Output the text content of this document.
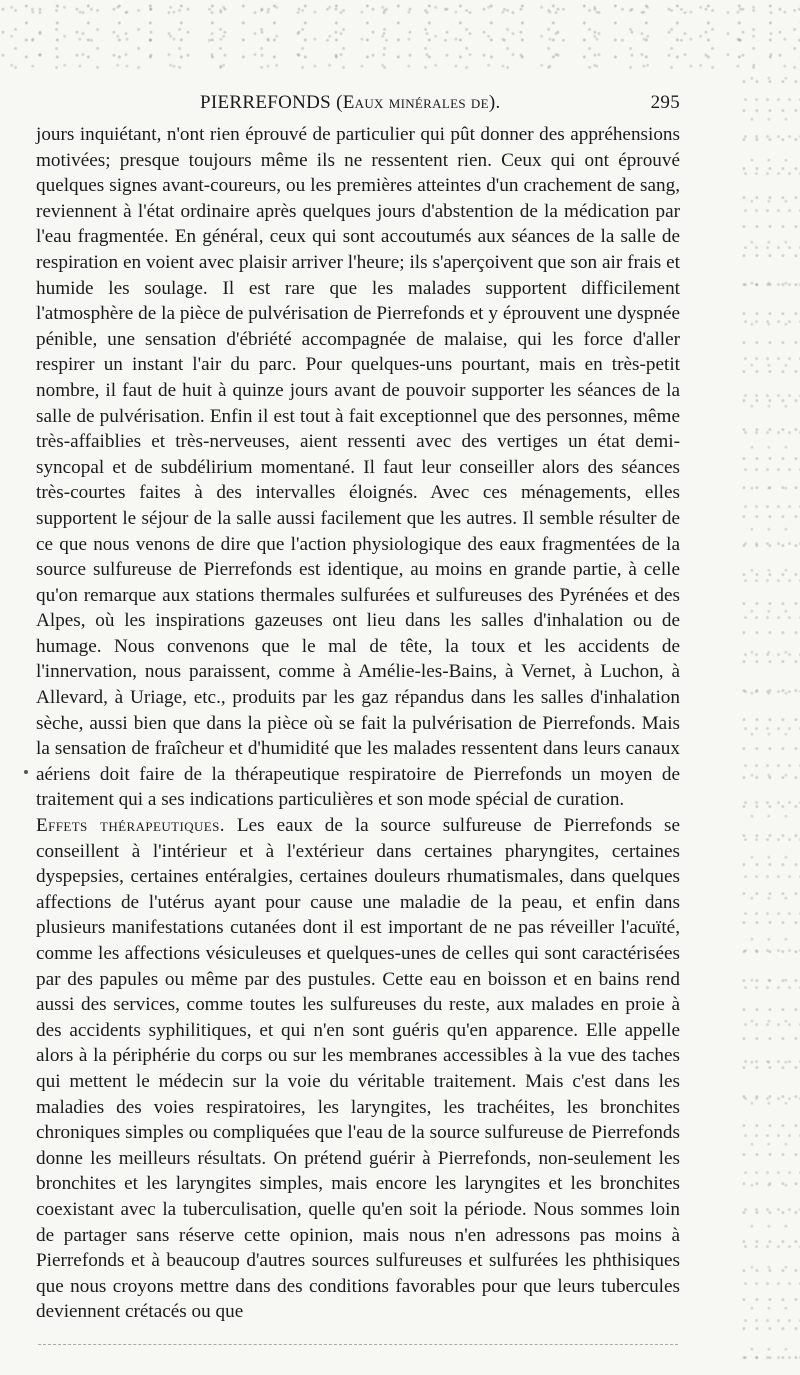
PIERREFONDS (Eaux minérales de).	295

jours inquiétant, n'ont rien éprouvé de particulier qui pût donner des appréhensions motivées; presque toujours même ils ne ressentent rien. Ceux qui ont éprouvé quelques signes avant-coureurs, ou les premières atteintes d'un crachement de sang, reviennent à l'état ordinaire après quelques jours d'abstention de la médication par l'eau fragmentée. En général, ceux qui sont accoutumés aux séances de la salle de respiration en voient avec plaisir arriver l'heure; ils s'aperçoivent que son air frais et humide les soulage. Il est rare que les malades supportent difficilement l'atmosphère de la pièce de pulvérisation de Pierrefonds et y éprouvent une dyspnée pénible, une sensation d'ébriété accompagnée de malaise, qui les force d'aller respirer un instant l'air du parc. Pour quelques-uns pourtant, mais en très-petit nombre, il faut de huit à quinze jours avant de pouvoir supporter les séances de la salle de pulvérisation. Enfin il est tout à fait exceptionnel que des personnes, même très-affaiblies et très-nerveuses, aient ressenti avec des vertiges un état demi-syncopal et de subdélirium momentané. Il faut leur conseiller alors des séances très-courtes faites à des intervalles éloignés. Avec ces ménagements, elles supportent le séjour de la salle aussi facilement que les autres. Il semble résulter de ce que nous venons de dire que l'action physiologique des eaux fragmentées de la source sulfureuse de Pierrefonds est identique, au moins en grande partie, à celle qu'on remarque aux stations thermales sulfurées et sulfureuses des Pyrénées et des Alpes, où les inspirations gazeuses ont lieu dans les salles d'inhalation ou de humage. Nous convenons que le mal de tête, la toux et les accidents de l'innervation, nous paraissent, comme à Amélie-les-Bains, à Vernet, à Luchon, à Allevard, à Uriage, etc., produits par les gaz répandus dans les salles d'inhalation sèche, aussi bien que dans la pièce où se fait la pulvérisation de Pierrefonds. Mais la sensation de fraîcheur et d'humidité que les malades ressentent dans leurs canaux aériens doit faire de la thérapeutique respiratoire de Pierrefonds un moyen de traitement qui a ses indications particulières et son mode spécial de curation.

Effets thérapeutiques. Les eaux de la source sulfureuse de Pierrefonds se conseillent à l'intérieur et à l'extérieur dans certaines pharyngites, certaines dyspepsies, certaines entéralgies, certaines douleurs rhumatismales, dans quelques affections de l'utérus ayant pour cause une maladie de la peau, et enfin dans plusieurs manifestations cutanées dont il est important de ne pas réveiller l'acuïté, comme les affections vésiculeuses et quelques-unes de celles qui sont caractérisées par des papules ou même par des pustules. Cette eau en boisson et en bains rend aussi des services, comme toutes les sulfureuses du reste, aux malades en proie à des accidents syphilitiques, et qui n'en sont guéris qu'en apparence. Elle appelle alors à la périphérie du corps ou sur les membranes accessibles à la vue des taches qui mettent le médecin sur la voie du véritable traitement. Mais c'est dans les maladies des voies respiratoires, les laryngites, les trachéites, les bronchites chroniques simples ou compliquées que l'eau de la source sulfureuse de Pierrefonds donne les meilleurs résultats. On prétend guérir à Pierrefonds, non-seulement les bronchites et les laryngites simples, mais encore les laryngites et les bronchites coexistant avec la tuberculisation, quelle qu'en soit la période. Nous sommes loin de partager sans réserve cette opinion, mais nous n'en adressons pas moins à Pierrefonds et à beaucoup d'autres sources sulfureuses et sulfurées les phthisiques que nous croyons mettre dans des conditions favorables pour que leurs tubercules deviennent crétacés ou que
